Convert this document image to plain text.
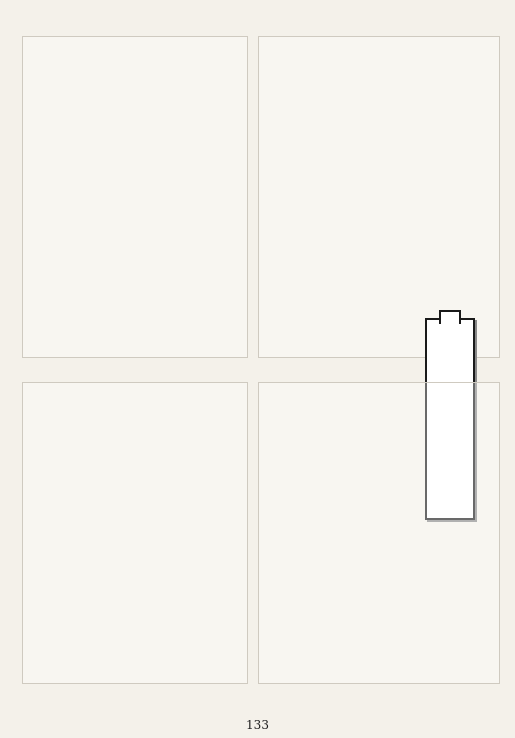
133
